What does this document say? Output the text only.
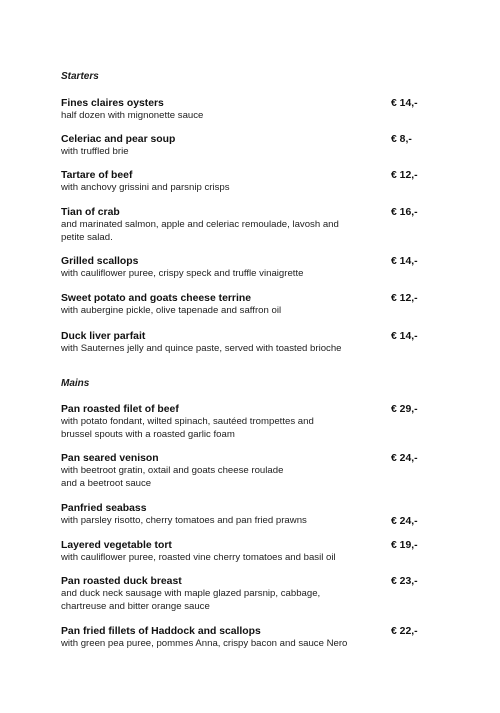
Starters
Fines claires oysters
half dozen with mignonette sauce
€ 14,-
Celeriac and pear soup
with truffled brie
€ 8,-
Tartare of beef
with anchovy grissini and parsnip crisps
€ 12,-
Tian of crab
and marinated salmon, apple and celeriac remoulade, lavosh and
petite salad.
€ 16,-
Grilled scallops
with cauliflower puree, crispy speck and truffle vinaigrette
€ 14,-
Sweet potato and goats cheese terrine
with aubergine pickle, olive tapenade and saffron oil
€ 12,-
Duck liver parfait
with Sauternes jelly and quince paste, served with toasted brioche
€ 14,-
Mains
Pan roasted filet of beef
with potato fondant, wilted spinach, sautéed trompettes and
brussel spouts with a roasted garlic foam
€ 29,-
Pan seared venison
with beetroot gratin, oxtail and goats cheese roulade
and a beetroot sauce
€ 24,-
Panfried seabass
with parsley risotto, cherry tomatoes and pan fried prawns	€ 24,-
Layered vegetable tort
with cauliflower puree, roasted vine cherry tomatoes and basil oil
€ 19,-
Pan roasted duck breast
and duck neck sausage with maple glazed parsnip, cabbage,
chartreuse and bitter orange sauce
€ 23,-
Pan fried fillets of Haddock and scallops
with green pea puree, pommes Anna, crispy bacon and sauce Nero
€ 22,-
